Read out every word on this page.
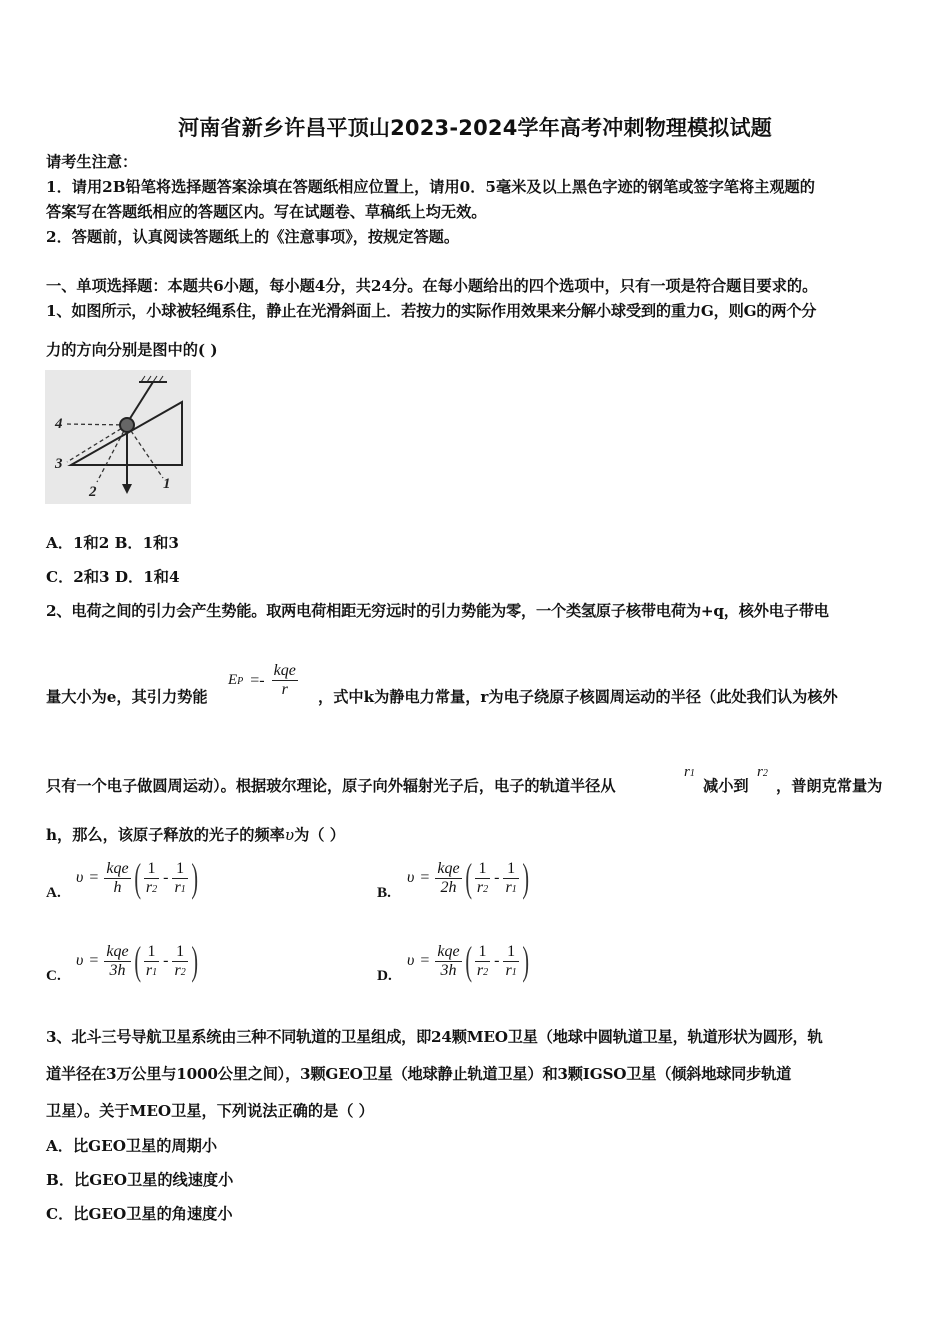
河南省新乡许昌平顶山2023-2024学年高考冲刺物理模拟试题
请考生注意：
1．请用2B铅笔将选择题答案涂填在答题纸相应位置上，请用0．5毫米及以上黑色字迹的钢笔或签字笔将主观题的
答案写在答题纸相应的答题区内。写在试题卷、草稿纸上均无效。
2．答题前，认真阅读答题纸上的《注意事项》，按规定答题。
一、单项选择题：本题共6小题，每小题4分，共24分。在每小题给出的四个选项中，只有一项是符合题目要求的。
1、如图所示，小球被轻绳系住，静止在光滑斜面上．若按力的实际作用效果来分解小球受到的重力G，则G的两个分
力的方向分别是图中的( )
4
3
2	1
A．1和2 B．1和3
C．2和3 D．1和4
2、电荷之间的引力会产生势能。取两电荷相距无穷远时的引力势能为零，一个类氢原子核带电荷为+q，核外电子带电
量大小为e，其引力势能
EP =- $\frac{\text{kqe}}{r}$ ，式中k为静电力常量，r为电子绕原子核圆周运动的半径（此处我们认为核外
只有一个电子做圆周运动）。根据玻尔理论，原子向外辐射光子后，电子的轨道半径从
r1
减小到
r2
，普朗克常量为
h，那么，该原子释放的光子的频率υ为（ ）
A.
$\upsilon = \frac{\text{kqe}}{h}$ ( $\frac{1}{r2} - \frac{1}{r1}$ )	B.
$\upsilon = \frac{\text{kqe}}{2h}$ ( $\frac{1}{r2} - \frac{1}{r1}$ )
C.
$\upsilon = \frac{\text{kqe}}{3h}$ ( $\frac{1}{r1} - \frac{1}{r2}$ )	D.
$\upsilon = \frac{\text{kqe}}{3h}$ ( $\frac{1}{r2} - \frac{1}{r1}$ )
3、北斗三号导航卫星系统由三种不同轨道的卫星组成，即24颗MEO卫星（地球中圆轨道卫星，轨道形状为圆形，轨
道半径在3万公里与1000公里之间），3颗GEO卫星（地球静止轨道卫星）和3颗IGSO卫星（倾斜地球同步轨道
卫星）。关于MEO卫星，下列说法正确的是（ ）
A．比GEO卫星的周期小
B．比GEO卫星的线速度小
C．比GEO卫星的角速度小
